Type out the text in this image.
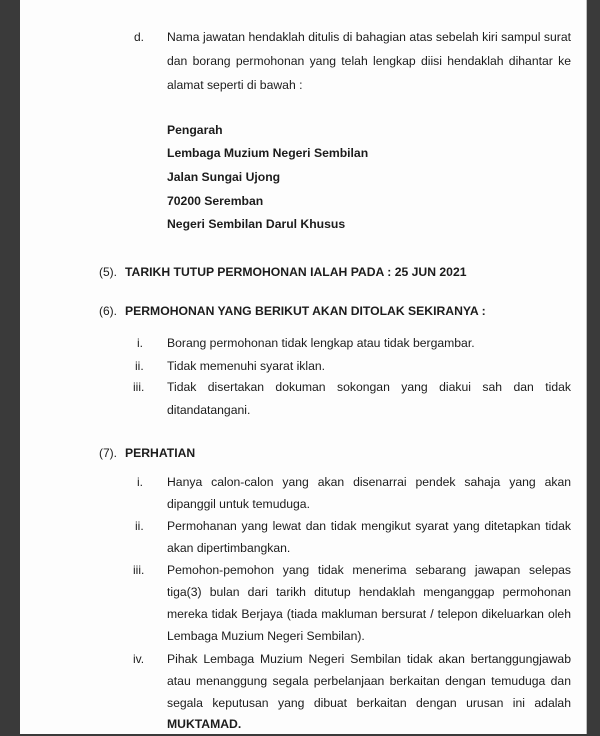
d. Nama jawatan hendaklah ditulis di bahagian atas sebelah kiri sampul surat
dan borang permohonan yang telah lengkap diisi hendaklah dihantar ke
alamat seperti di bawah :
Pengarah
Lembaga Muzium Negeri Sembilan
Jalan Sungai Ujong
70200 Seremban
Negeri Sembilan Darul Khusus
(5). TARIKH TUTUP PERMOHONAN IALAH PADA : 25 JUN 2021
(6). PERMOHONAN YANG BERIKUT AKAN DITOLAK SEKIRANYA :
i. Borang permohonan tidak lengkap atau tidak bergambar.
ii. Tidak memenuhi syarat iklan.
iii. Tidak disertakan dokuman sokongan yang diakui sah dan tidak
ditandatangani.
(7). PERHATIAN
i. Hanya calon-calon yang akan disenarrai pendek sahaja yang akan
dipanggil untuk temuduga.
ii. Permohanan yang lewat dan tidak mengikut syarat yang ditetapkan tidak
akan dipertimbangkan.
iii. Pemohon-pemohon yang tidak menerima sebarang jawapan selepas
tiga(3) bulan dari tarikh ditutup hendaklah menganggap permohonan
mereka tidak Berjaya (tiada makluman bersurat / telepon dikeluarkan oleh
Lembaga Muzium Negeri Sembilan).
iv. Pihak Lembaga Muzium Negeri Sembilan tidak akan bertanggungjawab
atau menanggung segala perbelanjaan berkaitan dengan temuduga dan
segala keputusan yang dibuat berkaitan dengan urusan ini adalah
MUKTAMAD.
